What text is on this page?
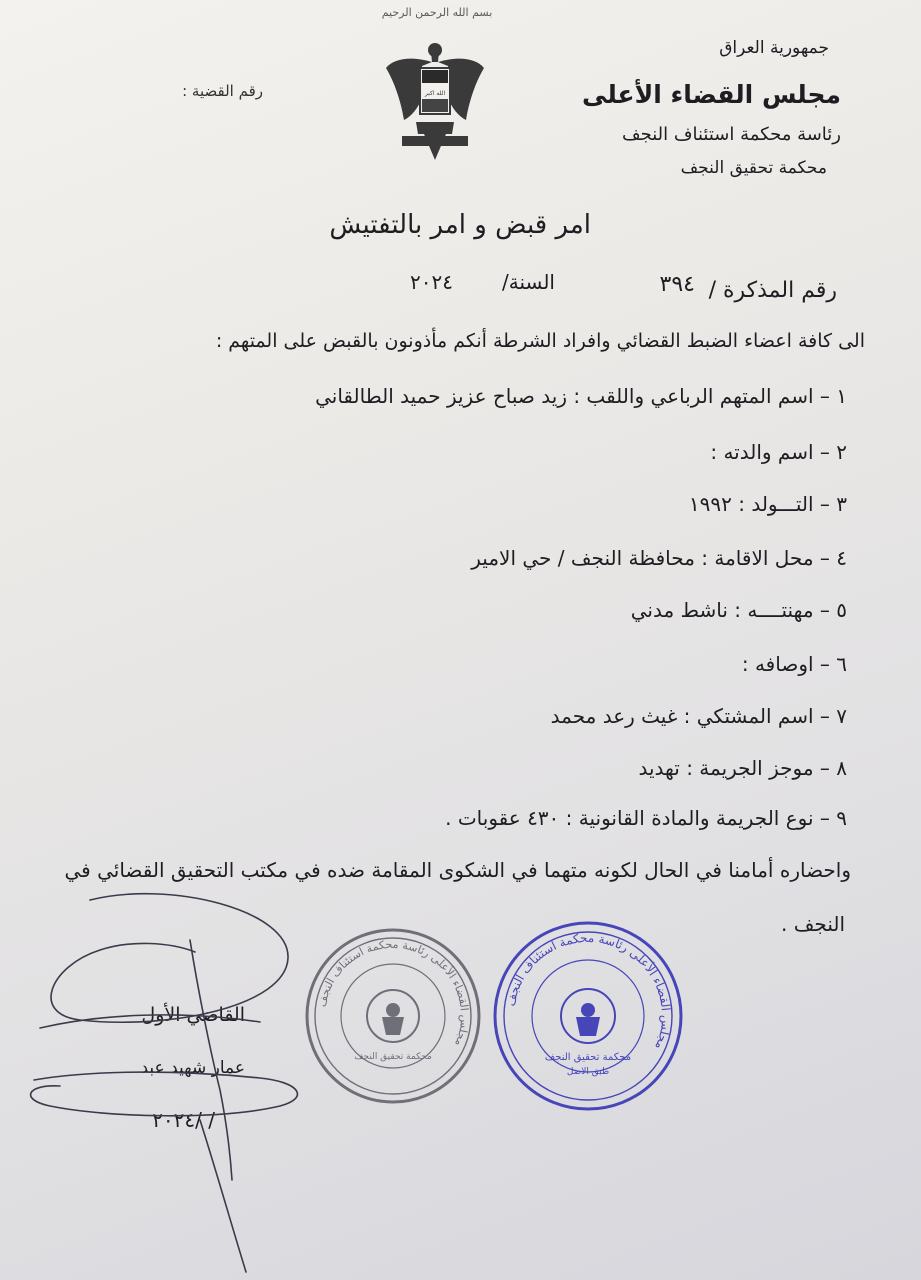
بسم الله الرحمن الرحيم
جمهورية العراق
مجلس القضاء الأعلى
رئاسة محكمة استئناف النجف
محكمة تحقيق النجف
رقم القضية :	الله اكبر
امر قبض و امر بالتفتيش
رقم المذكرة /
٣٩٤
السنة/
٢٠٢٤
الى كافة اعضاء الضبط القضائي وافراد الشرطة أنكم مأذونون بالقبض على المتهم :
١ – اسم المتهم الرباعي واللقب : زيد صباح عزيز حميد الطالقاني
٢ – اسم والدته :
٣ – التـــولد : ١٩٩٢
٤ – محل الاقامة : محافظة النجف / حي الامير
٥ – مهنتــــه : ناشط مدني
٦ – اوصافه :
٧ – اسم المشتكي : غيث رعد محمد
٨ – موجز الجريمة : تهديد
٩ – نوع الجريمة والمادة القانونية : ٤٣٠ عقوبات .
واحضاره أمامنا في الحال لكونه متهما في الشكوى المقامة ضده في مكتب التحقيق القضائي في
النجف .
القاضي الأول
عمار شهيد عبد
/ /٢٠٢٤
مجلس القضاء الأعلى رئاسة محكمة استئناف النجف
محكمة تحقيق النجف
مجلس القضاء الأعلى رئاسة محكمة استئناف النجف
محكمة تحقيق النجف
طبق الاصل
